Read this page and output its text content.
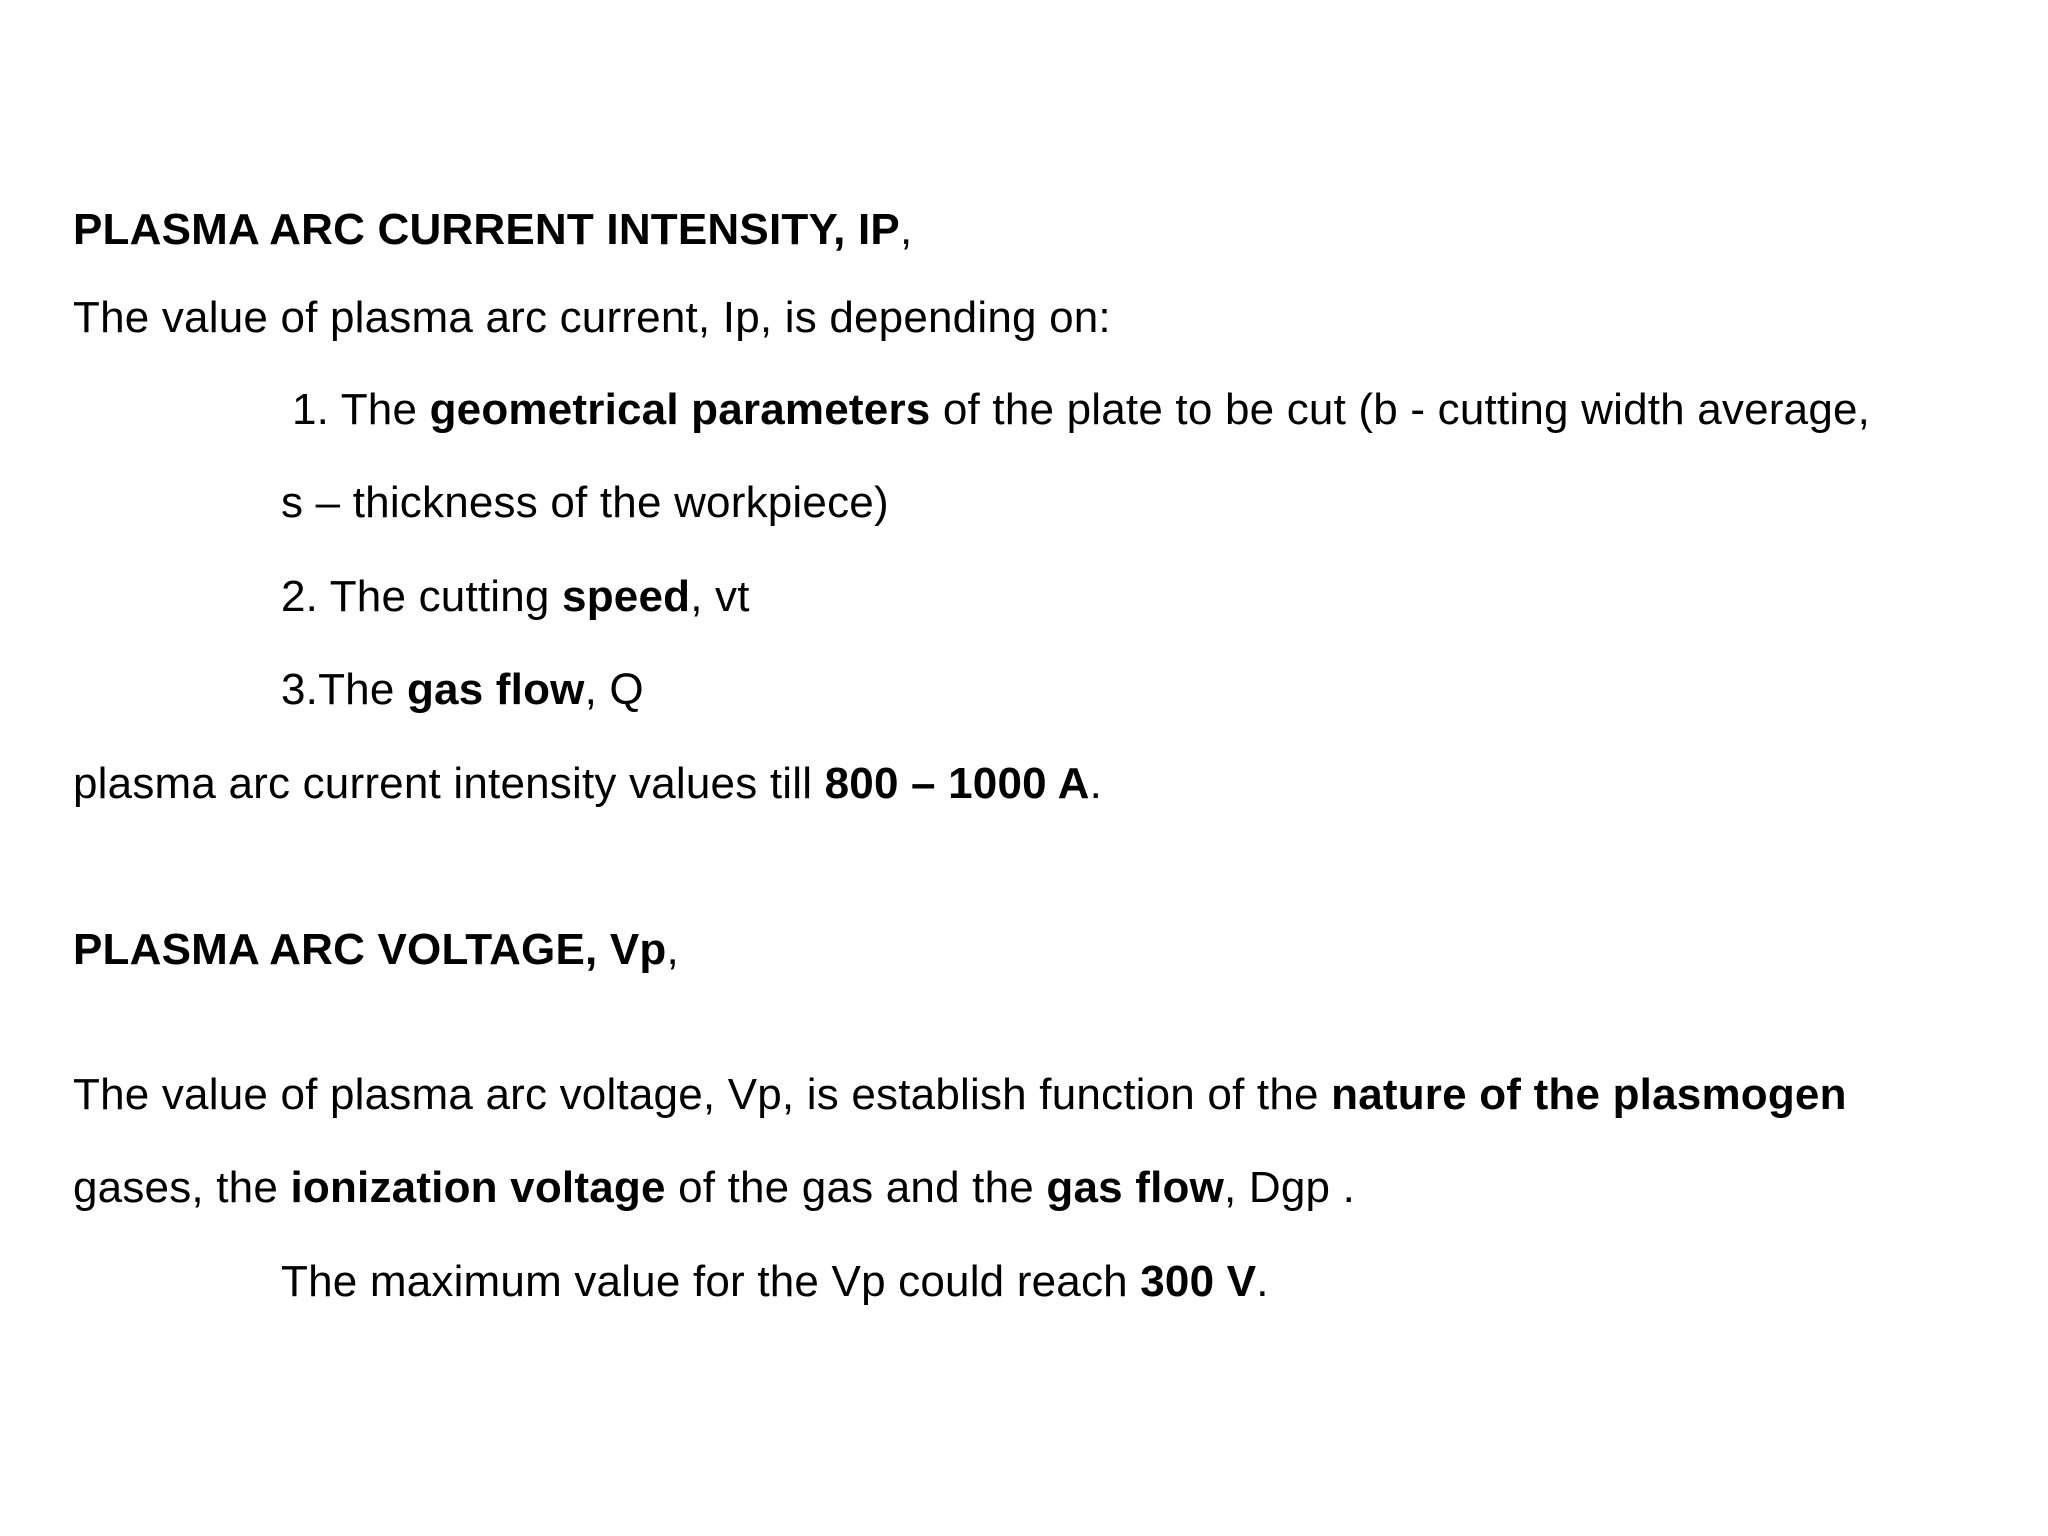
PLASMA ARC CURRENT INTENSITY, IP,
The value of plasma arc current, Ip, is depending on:
1. The geometrical parameters of the plate to be cut (b - cutting width average,
s – thickness of the workpiece)
2. The cutting speed, vt
3.The gas flow, Q
plasma arc current intensity values till 800 – 1000 A.
PLASMA ARC VOLTAGE, Vp,
The value of plasma arc voltage, Vp, is establish function of the nature of the plasmogen
gases, the ionization voltage of the gas and the gas flow, Dgp .
The maximum value for the Vp could reach 300 V.
